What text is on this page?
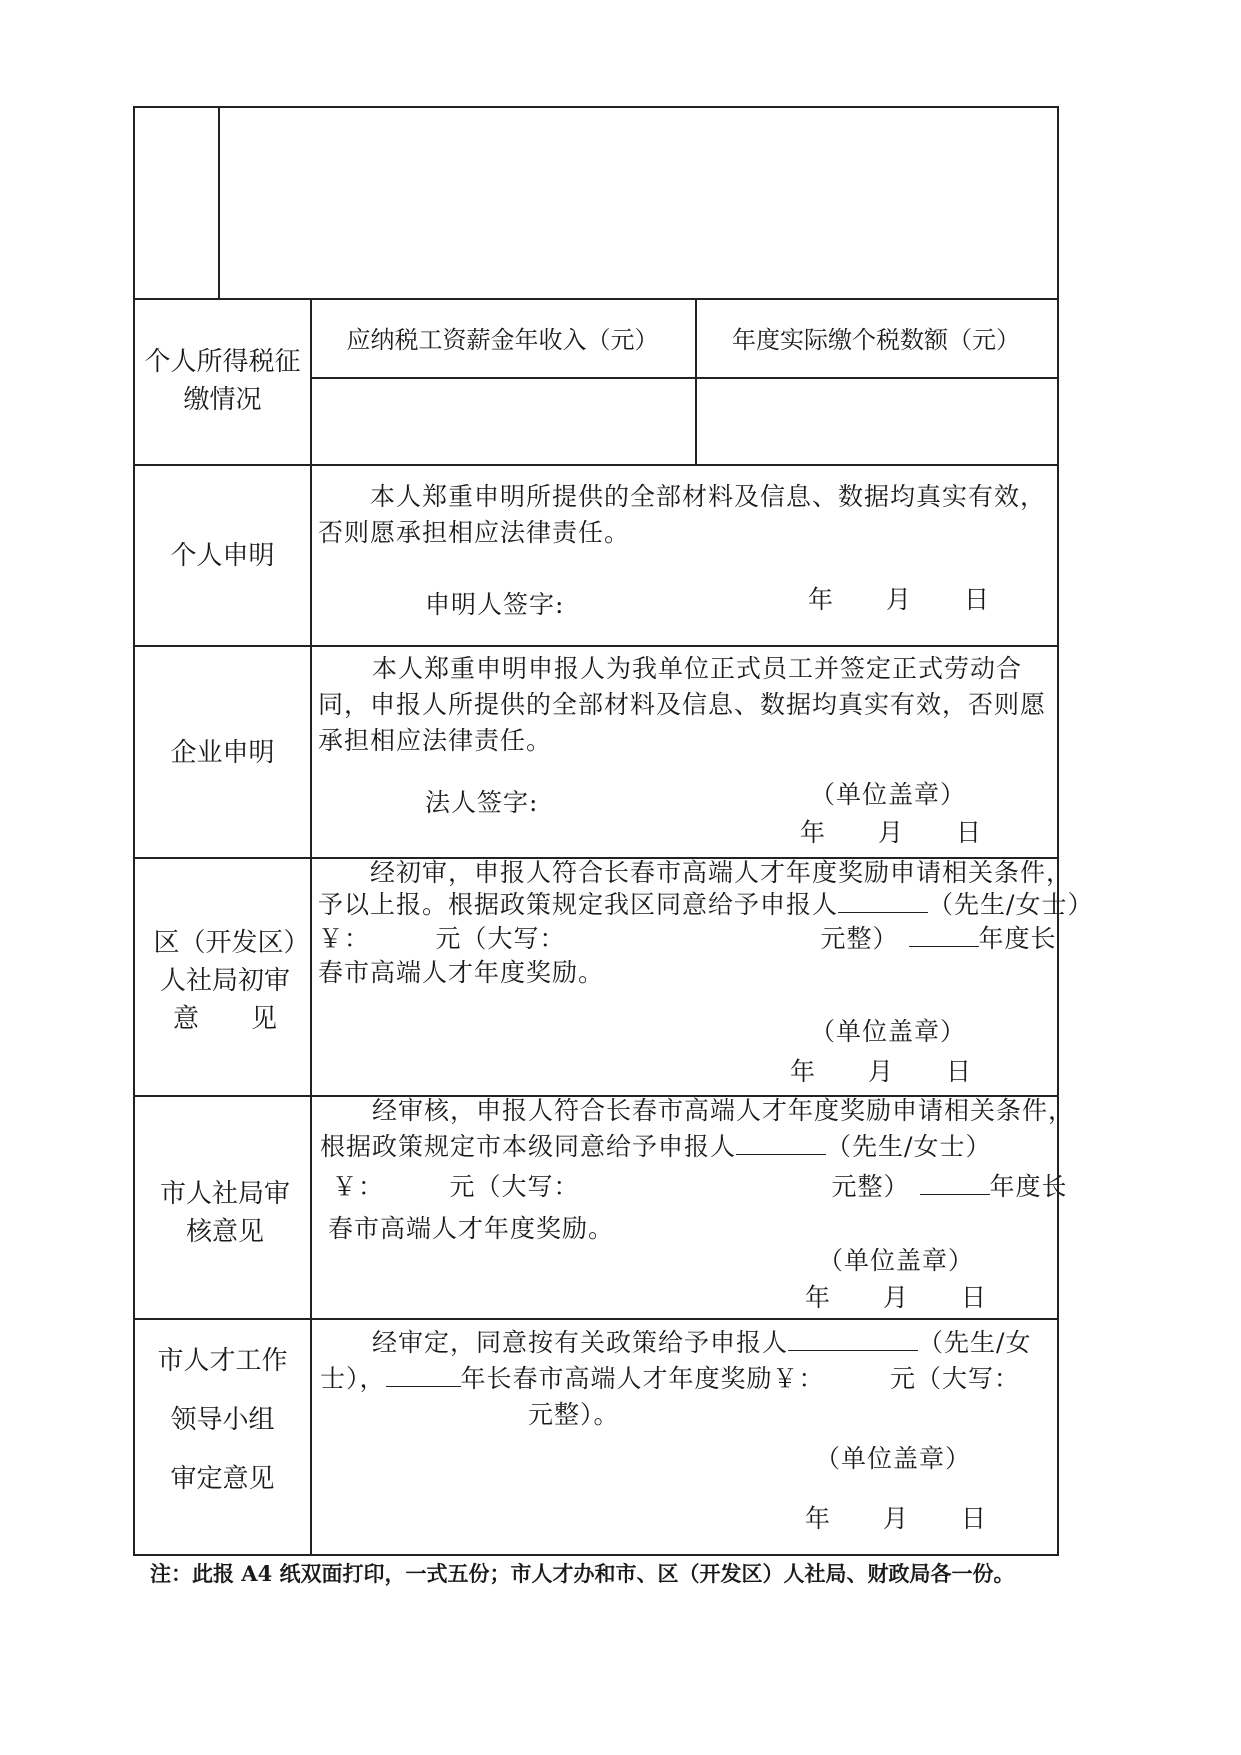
个人所得税征缴情况
应纳税工资薪金年收入（元）	年度实际缴个税数额（元）
个人申明
本人郑重申明所提供的全部材料及信息、数据均真实有效，
否则愿承担相应法律责任。
申明人签字:	年　　月　　日
企业申明
本人郑重申明申报人为我单位正式员工并签定正式劳动合
同，申报人所提供的全部材料及信息、数据均真实有效，否则愿
承担相应法律责任。
法人签字:	（单位盖章）
年　　月　　日
区（开发区）人社局初审意　　见
经初审，申报人符合长春市高端人才年度奖励申请相关条件，
予以上报。根据政策规定我区同意给予申报人	（先生/女士）
￥：　　　元（大写：	元整）	年度长
春市高端人才年度奖励。
（单位盖章）
年　　月　　日
市人社局审核意见
经审核，申报人符合长春市高端人才年度奖励申请相关条件，
根据政策规定市本级同意给予申报人	（先生/女士）
￥：　　　元（大写：	元整）	年度长
春市高端人才年度奖励。
（单位盖章）
年　　月　　日
市人才工作
领导小组
审定意见
经审定，同意按有关政策给予申报人	（先生/女
士），	年长春市高端人才年度奖励￥：　　　元（大写：
元整）。
（单位盖章）
年　　月　　日
注：此报 A4 纸双面打印，一式五份；市人才办和市、区（开发区）人社局、财政局各一份。
